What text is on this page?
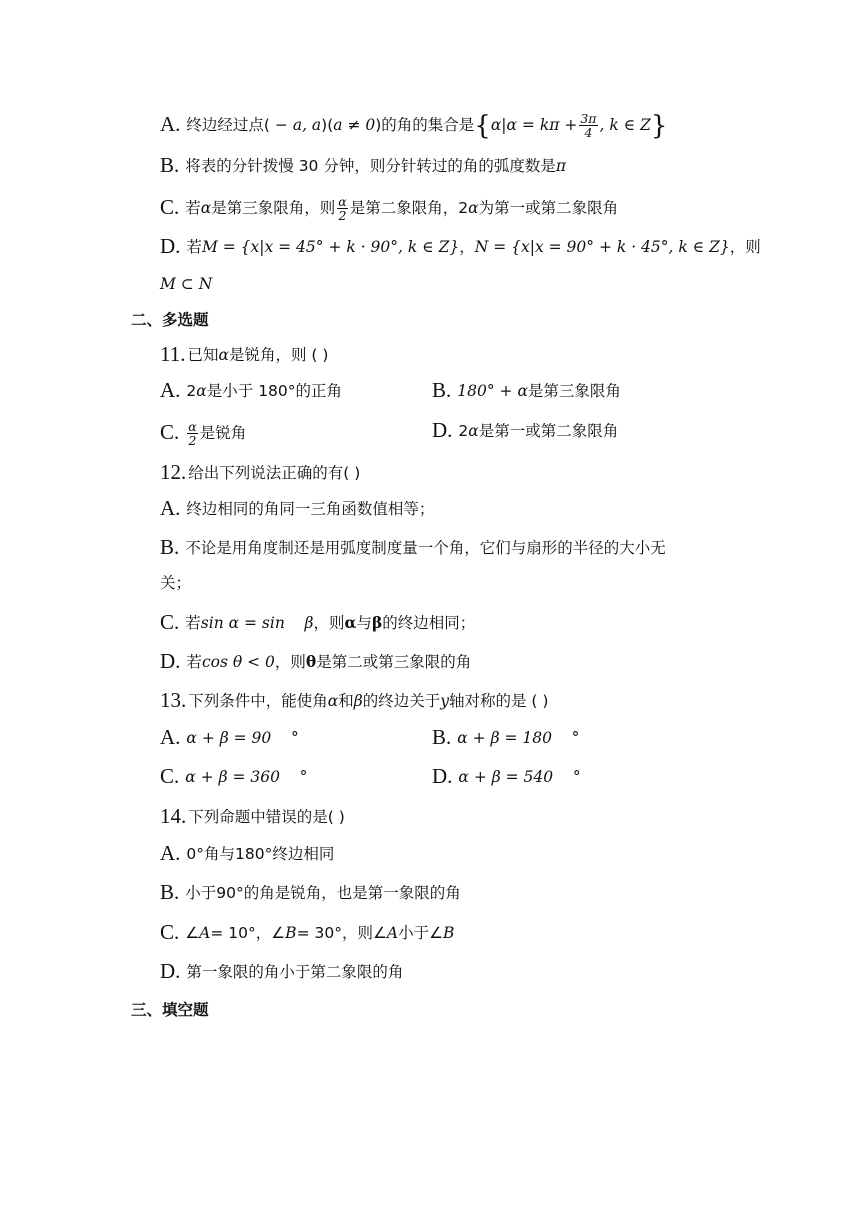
A. 终边经过点( − a, a)(a ≠ 0)的角的集合是{$\alpha|\alpha = k\pi + \frac{3\pi}{4}$ , k ∈ Z}
B. 将表的分针拨慢 30 分钟，则分针转过的角的弧度数是π
C. 若α是第三象限角，则 $\frac{\alpha}{2}$ 是第二象限角，2α为第一或第二象限角
D. 若M = {x|x = 45° + k · 90°, k ∈ Z}，N = {x|x = 90° + k · 45°, k ∈ Z}，则
M ⊂ N
二、多选题
11. 已知α是锐角，则 ( )
A. 2α是小于 180°的正角	B. 180° + α是第三象限角
C. $\frac{\alpha}{2}$ 是锐角	D. 2α是第一或第二象限角
12. 给出下列说法正确的有( )
A. 终边相同的角同一三角函数值相等；
B. 不论是用角度制还是用弧度制度量一个角，它们与扇形的半径的大小无
关；
C. 若sin α = sin    β，则α与β的终边相同；
D. 若cos θ < 0，则θ是第二或第三象限的角
13. 下列条件中，能使角α和β的终边关于y轴对称的是 ( )
A. α + β = 90    °	B. α + β = 180    °
C. α + β = 360    °	D. α + β = 540    °
14. 下列命题中错误的是( )
A. 0°角与180°终边相同
B. 小于90°的角是锐角，也是第一象限的角
C. ∠A= 10°，∠B= 30°，则∠A小于∠B
D. 第一象限的角小于第二象限的角
三、填空题
